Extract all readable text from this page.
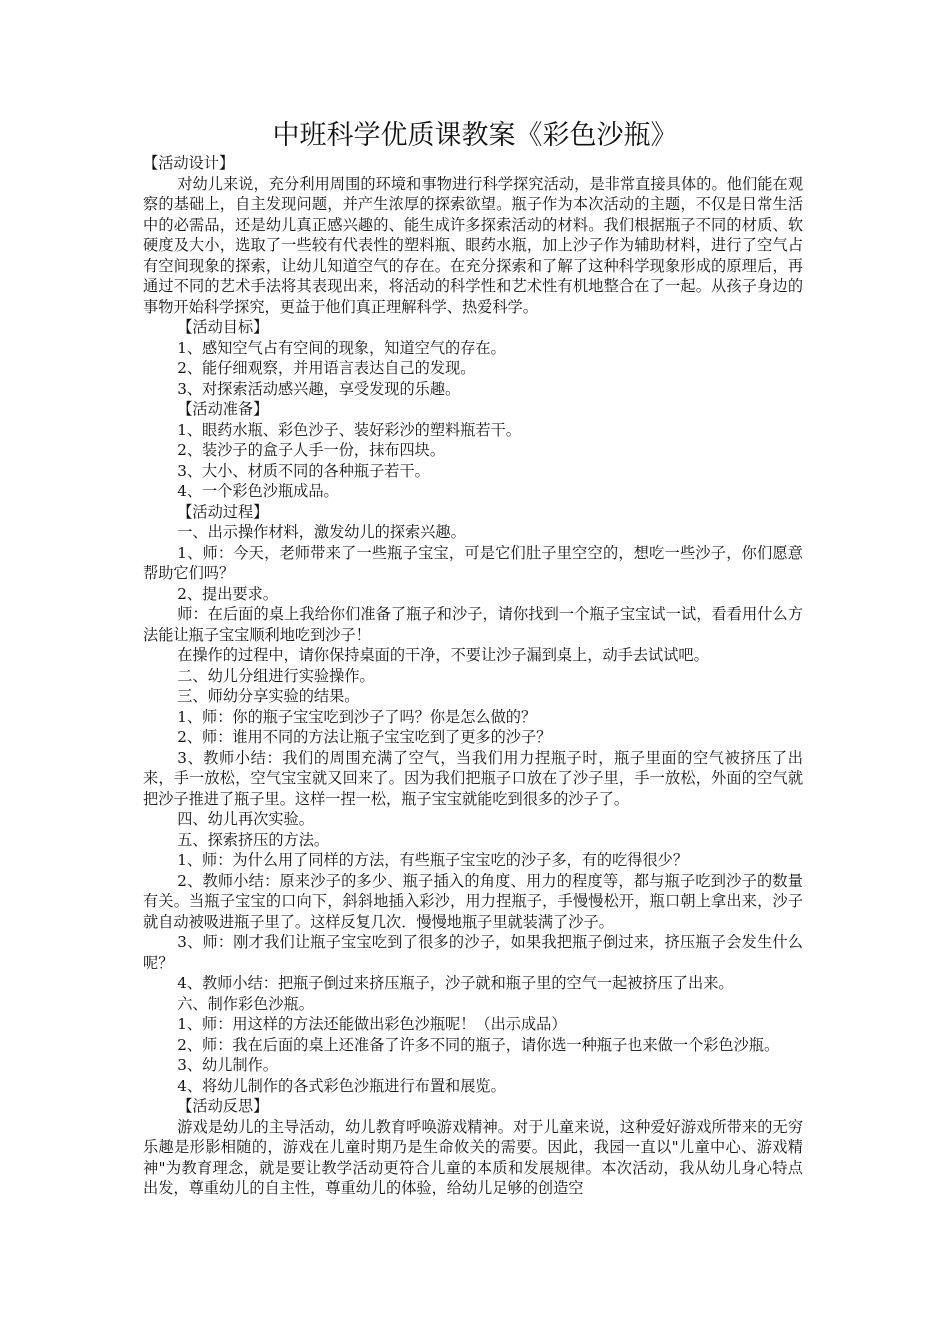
中班科学优质课教案《彩色沙瓶》

【活动设计】

对幼儿来说，充分利用周围的环境和事物进行科学探究活动，是非常直接具体的。他们能在观察的基础上，自主发现问题，并产生浓厚的探索欲望。瓶子作为本次活动的主题，不仅是日常生活中的必需品，还是幼儿真正感兴趣的、能生成许多探索活动的材料。我们根据瓶子不同的材质、软硬度及大小，选取了一些较有代表性的塑料瓶、眼药水瓶，加上沙子作为辅助材料，进行了空气占有空间现象的探索，让幼儿知道空气的存在。在充分探索和了解了这种科学现象形成的原理后，再通过不同的艺术手法将其表现出来，将活动的科学性和艺术性有机地整合在了一起。从孩子身边的事物开始科学探究，更益于他们真正理解科学、热爱科学。

【活动目标】

1、感知空气占有空间的现象，知道空气的存在。

2、能仔细观察，并用语言表达自己的发现。

3、对探索活动感兴趣，享受发现的乐趣。

【活动准备】

1、眼药水瓶、彩色沙子、装好彩沙的塑料瓶若干。

2、装沙子的盒子人手一份，抹布四块。

3、大小、材质不同的各种瓶子若干。

4、一个彩色沙瓶成品。

【活动过程】

一、出示操作材料，激发幼儿的探索兴趣。

1、师：今天，老师带来了一些瓶子宝宝，可是它们肚子里空空的，想吃一些沙子，你们愿意帮助它们吗？

2、提出要求。

师：在后面的桌上我给你们准备了瓶子和沙子，请你找到一个瓶子宝宝试一试，看看用什么方法能让瓶子宝宝顺利地吃到沙子！

在操作的过程中，请你保持桌面的干净，不要让沙子漏到桌上，动手去试试吧。

二、幼儿分组进行实验操作。

三、师幼分享实验的结果。

1、师：你的瓶子宝宝吃到沙子了吗？你是怎么做的？

2、师：谁用不同的方法让瓶子宝宝吃到了更多的沙子？

3、教师小结：我们的周围充满了空气，当我们用力捏瓶子时，瓶子里面的空气被挤压了出来，手一放松，空气宝宝就又回来了。因为我们把瓶子口放在了沙子里，手一放松，外面的空气就把沙子推进了瓶子里。这样一捏一松，瓶子宝宝就能吃到很多的沙子了。

四、幼儿再次实验。

五、探索挤压的方法。

1、师：为什么用了同样的方法，有些瓶子宝宝吃的沙子多，有的吃得很少？

2、教师小结：原来沙子的多少、瓶子插入的角度、用力的程度等，都与瓶子吃到沙子的数量有关。当瓶子宝宝的口向下，斜斜地插入彩沙，用力捏瓶子，手慢慢松开，瓶口朝上拿出来，沙子就自动被吸进瓶子里了。这样反复几次．慢慢地瓶子里就装满了沙子。

3、师：刚才我们让瓶子宝宝吃到了很多的沙子，如果我把瓶子倒过来，挤压瓶子会发生什么呢？

4、教师小结：把瓶子倒过来挤压瓶子，沙子就和瓶子里的空气一起被挤压了出来。

六、制作彩色沙瓶。

1、师：用这样的方法还能做出彩色沙瓶呢！（出示成品）

2、师：我在后面的桌上还准备了许多不同的瓶子，请你选一种瓶子也来做一个彩色沙瓶。

3、幼儿制作。

4、将幼儿制作的各式彩色沙瓶进行布置和展览。

【活动反思】

游戏是幼儿的主导活动，幼儿教育呼唤游戏精神。对于儿童来说，这种爱好游戏所带来的无穷乐趣是形影相随的，游戏在儿童时期乃是生命攸关的需要。因此，我园一直以"儿童中心、游戏精神"为教育理念，就是要让教学活动更符合儿童的本质和发展规律。本次活动，我从幼儿身心特点出发，尊重幼儿的自主性，尊重幼儿的体验，给幼儿足够的创造空
